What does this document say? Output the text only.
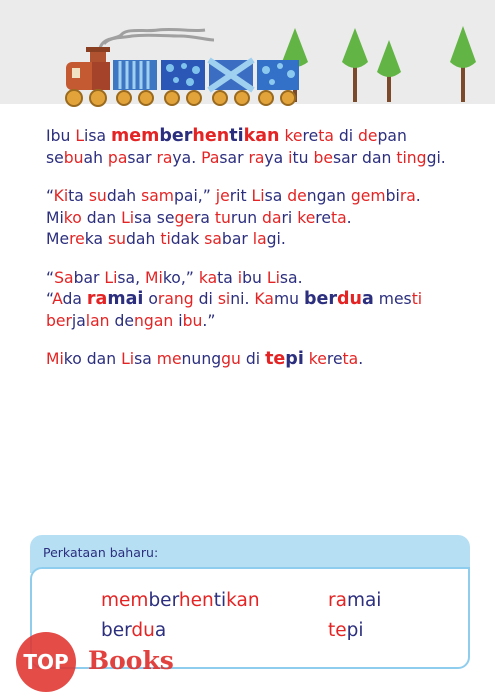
Ibu Lisa memberhentikan kereta di depan

sebuah pasar raya. Pasar raya itu besar dan tinggi.

“Kita sudah sampai,” jerit Lisa dengan gembira.

Miko dan Lisa segera turun dari kereta.

Mereka sudah tidak sabar lagi.

“Sabar Lisa, Miko,” kata ibu Lisa.

“Ada ramai orang di sini. Kamu berdua mesti

berjalan dengan ibu.”

Miko dan Lisa menunggu di tepi kereta.

Perkataan baharu:
memberhentikan	ramai
berdua	tepi
TOP Books
